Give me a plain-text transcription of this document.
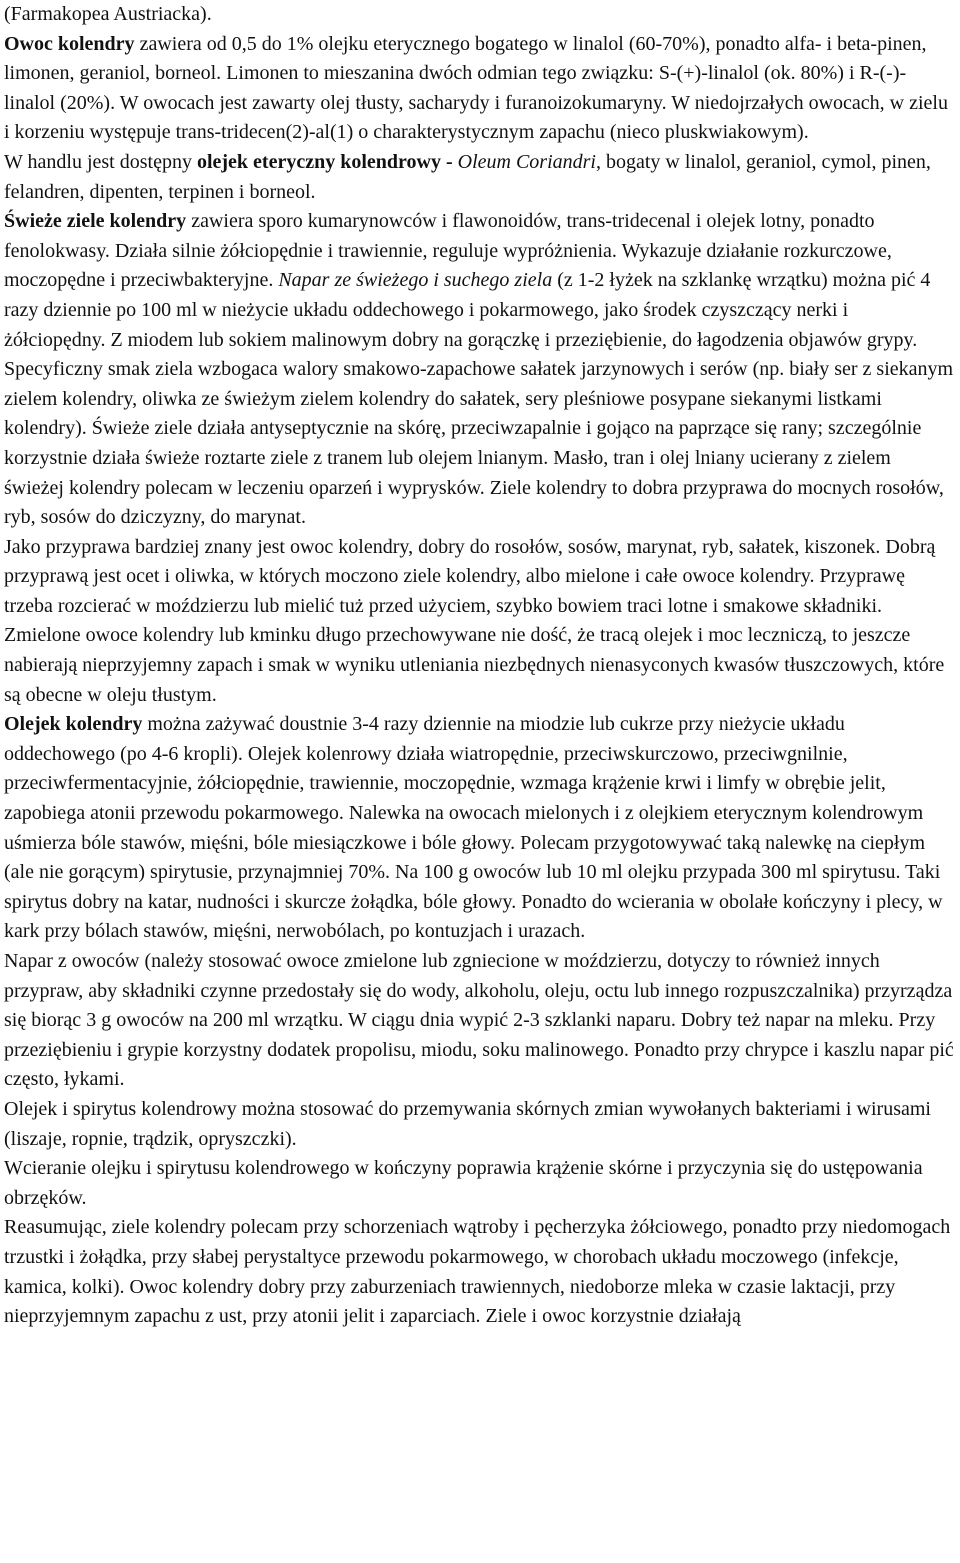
(Farmakopea Austriacka).

Owoc kolendry zawiera od 0,5 do 1% olejku eterycznego bogatego w linalol (60-70%), ponadto alfa- i beta-pinen, limonen, geraniol, borneol. Limonen to mieszanina dwóch odmian tego związku: S-(+)-linalol (ok. 80%) i R-(-)-linalol (20%). W owocach jest zawarty olej tłusty, sacharydy i furanoizokumaryny. W niedojrzałych owocach, w zielu i korzeniu występuje trans-tridecen(2)-al(1) o charakterystycznym zapachu (nieco pluskwiakowym).

W handlu jest dostępny olejek eteryczny kolendrowy - Oleum Coriandri, bogaty w linalol, geraniol, cymol, pinen, felandren, dipenten, terpinen i borneol.

Świeże ziele kolendry zawiera sporo kumarynowców i flawonoidów, trans-tridecenal i olejek lotny, ponadto fenolokwasy. Działa silnie żółciopędnie i trawiennie, reguluje wypróżnienia. Wykazuje działanie rozkurczowe, moczopędne i przeciwbakteryjne. Napar ze świeżego i suchego ziela (z 1-2 łyżek na szklankę wrzątku) można pić 4 razy dziennie po 100 ml w nieżycie układu oddechowego i pokarmowego, jako środek czyszczący nerki i żółciopędny. Z miodem lub sokiem malinowym dobry na gorączkę i przeziębienie, do łagodzenia objawów grypy. Specyficzny smak ziela wzbogaca walory smakowo-zapachowe sałatek jarzynowych i serów (np. biały ser z siekanym zielem kolendry, oliwka ze świeżym zielem kolendry do sałatek, sery pleśniowe posypane siekanymi listkami kolendry). Świeże ziele działa antyseptycznie na skórę, przeciwzapalnie i gojąco na paprzące się rany; szczególnie korzystnie działa świeże roztarte ziele z tranem lub olejem lnianym. Masło, tran i olej lniany ucierany z zielem świeżej kolendry polecam w leczeniu oparzeń i wyprysków. Ziele kolendry to dobra przyprawa do mocnych rosołów, ryb, sosów do dziczyzny, do marynat.

Jako przyprawa bardziej znany jest owoc kolendry, dobry do rosołów, sosów, marynat, ryb, sałatek, kiszonek. Dobrą przyprawą jest ocet i oliwka, w których moczono ziele kolendry, albo mielone i całe owoce kolendry. Przyprawę trzeba rozcierać w moździerzu lub mielić tuż przed użyciem, szybko bowiem traci lotne i smakowe składniki. Zmielone owoce kolendry lub kminku długo przechowywane nie dość, że tracą olejek i moc leczniczą, to jeszcze nabierają nieprzyjemny zapach i smak w wyniku utleniania niezbędnych nienasyconych kwasów tłuszczowych, które są obecne w oleju tłustym.

Olejek kolendry można zażywać doustnie 3-4 razy dziennie na miodzie lub cukrze przy nieżycie układu oddechowego (po 4-6 kropli). Olejek kolenrowy działa wiatropędnie, przeciwskurczowo, przeciwgnilnie, przeciwfermentacyjnie, żółciopędnie, trawiennie, moczopędnie, wzmaga krążenie krwi i limfy w obrębie jelit, zapobiega atonii przewodu pokarmowego. Nalewka na owocach mielonych i z olejkiem eterycznym kolendrowym uśmierza bóle stawów, mięśni, bóle miesiączkowe i bóle głowy. Polecam przygotowywać taką nalewkę na ciepłym (ale nie gorącym) spirytusie, przynajmniej 70%. Na 100 g owoców lub 10 ml olejku przypada 300 ml spirytusu. Taki spirytus dobry na katar, nudności i skurcze żołądka, bóle głowy. Ponadto do wcierania w obolałe kończyny i plecy, w kark przy bólach stawów, mięśni, nerwobólach, po kontuzjach i urazach.

Napar z owoców (należy stosować owoce zmielone lub zgniecione w moździerzu, dotyczy to również innych przypraw, aby składniki czynne przedostały się do wody, alkoholu, oleju, octu lub innego rozpuszczalnika) przyrządza się biorąc 3 g owoców na 200 ml wrzątku. W ciągu dnia wypić 2-3 szklanki naparu. Dobry też napar na mleku. Przy przeziębieniu i grypie korzystny dodatek propolisu, miodu, soku malinowego. Ponadto przy chrypce i kaszlu napar pić często, łykami.

Olejek i spirytus kolendrowy można stosować do przemywania skórnych zmian wywołanych bakteriami i wirusami (liszaje, ropnie, trądzik, opryszczki).

Wcieranie olejku i spirytusu kolendrowego w kończyny poprawia krążenie skórne i przyczynia się do ustępowania obrzęków.

Reasumując, ziele kolendry polecam przy schorzeniach wątroby i pęcherzyka żółciowego, ponadto przy niedomogach trzustki i żołądka, przy słabej perystaltyce przewodu pokarmowego, w chorobach układu moczowego (infekcje, kamica, kolki). Owoc kolendry dobry przy zaburzeniach trawiennych, niedoborze mleka w czasie laktacji, przy nieprzyjemnym zapachu z ust, przy atonii jelit i zaparciach. Ziele i owoc korzystnie działają
